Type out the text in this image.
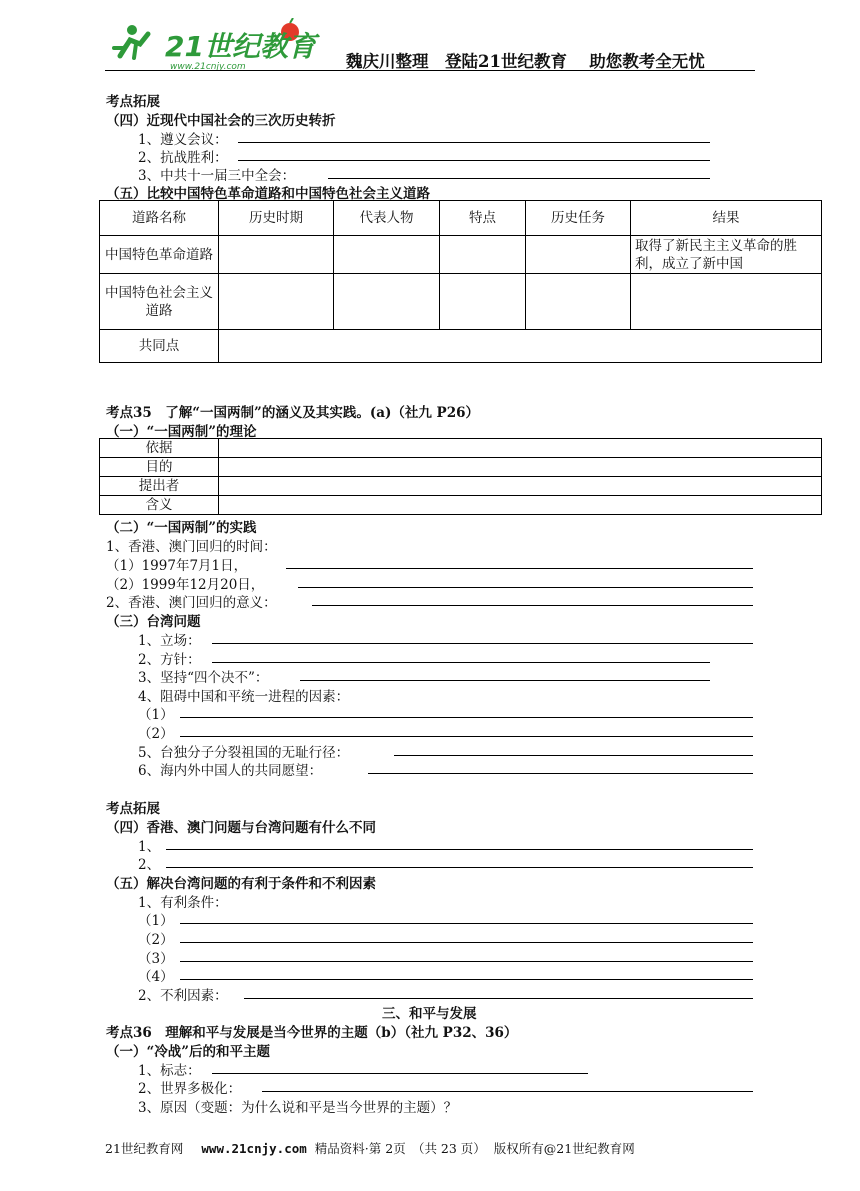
21世纪教育
www.21cnjy.com	魏庆川整理　登陆21世纪教育　 助您教考全无忧
考点拓展
（四）近现代中国社会的三次历史转折
1、遵义会议：
2、抗战胜利：
3、中共十一届三中全会：
（五）比较中国特色革命道路和中国特色社会主义道路
道路名称	历史时期	代表人物	特点	历史任务	结果
中国特色革命道路					取得了新民主主义革命的胜利，成立了新中国
中国特色社会主义道路					
共同点					
考点35　了解“一国两制”的涵义及其实践。(a)（社九 P26）
（一）“一国两制”的理论
依据	
目的	
提出者	
含义	
（二）“一国两制”的实践
1、香港、澳门回归的时间：
（1）1997年7月1日，
（2）1999年12月20日，
2、香港、澳门回归的意义：
（三）台湾问题
1、立场：
2、方针：
3、坚持“四个决不”：
4、阻碍中国和平统一进程的因素：
（1）
（2）
5、台独分子分裂祖国的无耻行径：
6、海内外中国人的共同愿望：
考点拓展
（四）香港、澳门问题与台湾问题有什么不同
1、
2、
（五）解决台湾问题的有利于条件和不利因素
1、有利条件：
（1）
（2）
（3）
（4）
2、不利因素：
三、和平与发展
考点36　理解和平与发展是当今世界的主题（b）（社九 P32、36）
（一）“冷战”后的和平主题
1、标志：
2、世界多极化：
3、原因（变题：为什么说和平是当今世界的主题）？
21世纪教育网 www.21cnjy.com 精品资料·第 2页　（共 23 页） 版权所有@21世纪教育网
